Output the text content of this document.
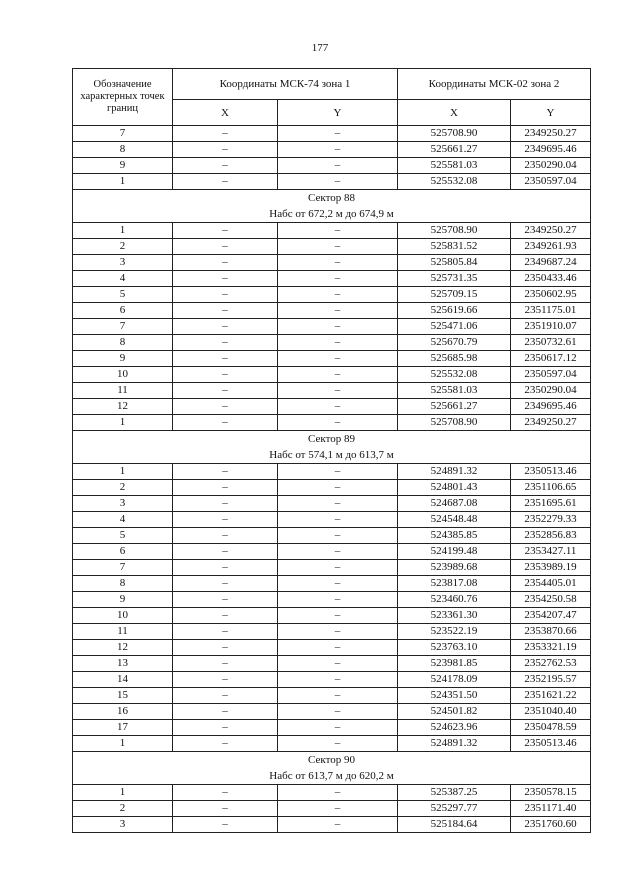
177
Обозначение характерных точек границ	Координаты МСК-74 зона 1		Координаты МСК-02 зона 2	
	X	Y	X	Y
7	–	–	525708.90	2349250.27
8	–	–	525661.27	2349695.46
9	–	–	525581.03	2350290.04
1	–	–	525532.08	2350597.04

Сектор 88
Набс от 672,2 м до 674,9 м				

1	–	–	525708.90	2349250.27
2	–	–	525831.52	2349261.93
3	–	–	525805.84	2349687.24
4	–	–	525731.35	2350433.46
5	–	–	525709.15	2350602.95
6	–	–	525619.66	2351175.01
7	–	–	525471.06	2351910.07
8	–	–	525670.79	2350732.61
9	–	–	525685.98	2350617.12
10	–	–	525532.08	2350597.04
11	–	–	525581.03	2350290.04
12	–	–	525661.27	2349695.46
1	–	–	525708.90	2349250.27

Сектор 89
Набс от 574,1 м до 613,7 м				

1	–	–	524891.32	2350513.46
2	–	–	524801.43	2351106.65
3	–	–	524687.08	2351695.61
4	–	–	524548.48	2352279.33
5	–	–	524385.85	2352856.83
6	–	–	524199.48	2353427.11
7	–	–	523989.68	2353989.19
8	–	–	523817.08	2354405.01
9	–	–	523460.76	2354250.58
10	–	–	523361.30	2354207.47
11	–	–	523522.19	2353870.66
12	–	–	523763.10	2353321.19
13	–	–	523981.85	2352762.53
14	–	–	524178.09	2352195.57
15	–	–	524351.50	2351621.22
16	–	–	524501.82	2351040.40
17	–	–	524623.96	2350478.59
1	–	–	524891.32	2350513.46

Сектор 90
Набс от 613,7 м до 620,2 м				

1	–	–	525387.25	2350578.15
2	–	–	525297.77	2351171.40
3	–	–	525184.64	2351760.60
